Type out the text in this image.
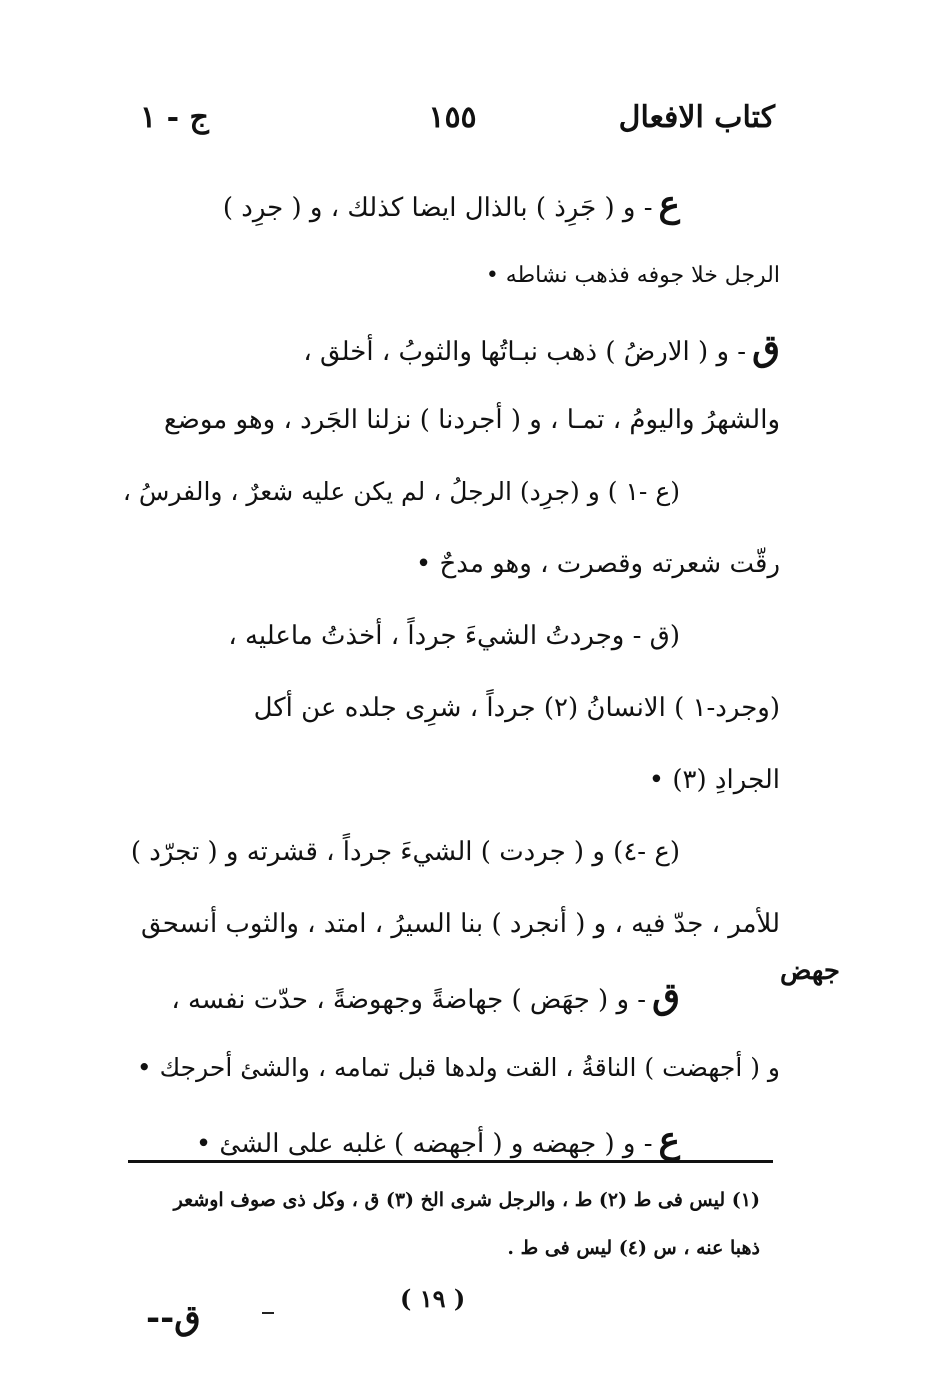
كتاب الافعال
١٥٥
ج - ١
ع- و ( جَرِذ ) بالذال ايضا كذلك ، و ( جرِد )
الرجل خلا جوفه فذهب نشاطه •
ق- و ( الارضُ ) ذهب نبـاتُها والثوبُ ، أخلق ،
والشهرُ واليومُ ، تمـا ، و ( أجردنا ) نزلنا الجَرد ، وهو موضع
(ع -١ ) و (جرِد) الرجلُ ، لم يكن عليه شعرٌ ، والفرسُ ،
رقّت شعرته وقصرت ، وهو مدحٌ •
(ق - وجردتُ الشيءَ جرداً ، أخذتُ ماعليه ،
(وجرد-١ ) الانسانُ (٢) جرداً ، شرِى جلده عن أكل
الجرادِ (٣) •
(ع -٤) و ( جردت ) الشيءَ جرداً ، قشرته و ( تجرّد )
للأمر ، جدّ فيه ، و ( أنجرد ) بنا السيرُ ، امتد ، والثوب أنسحق
ق- و ( جهَض ) جهاضةً وجهوضةً ، حدّت نفسه ،
و ( أجهضت ) الناقةُ ، القت ولدها قبل تمامه ، والشئ أحرجك •
ع- و ( جهضه و ( أجهضه ) غلبه على الشئ •
جهض
(١) ليس فى ط (٢) ط ، والرجل شرى الخ (٣) ق ، وكل ذى صوف اوشعر
ذهبا عنه ، س (٤) ليس فى ط .
( ١٩ )
ق--
